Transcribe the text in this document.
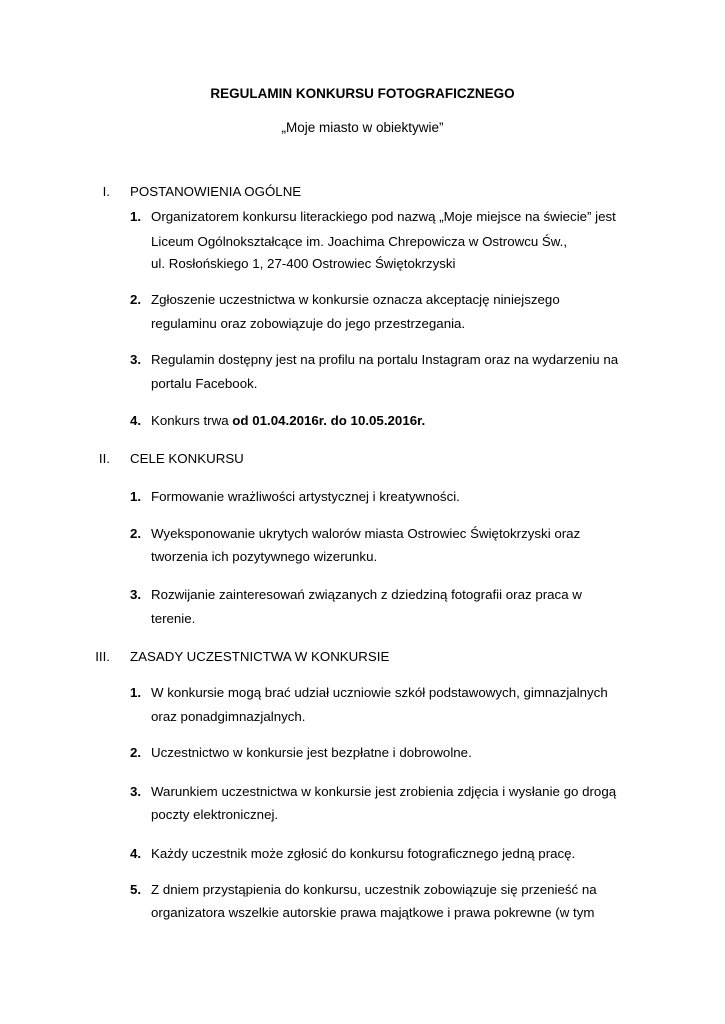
REGULAMIN KONKURSU FOTOGRAFICZNEGO
„Moje miasto w obiektywie”
I. POSTANOWIENIA OGÓLNE
1. Organizatorem konkursu literackiego pod nazwą „Moje miejsce na świecie” jest
Liceum Ogólnokształcące im. Joachima Chrepowicza w Ostrowcu Św.,
ul. Rosłońskiego 1, 27-400 Ostrowiec Świętokrzyski
2. Zgłoszenie uczestnictwa w konkursie oznacza akceptację niniejszego
regulaminu oraz zobowiązuje do jego przestrzegania.
3. Regulamin dostępny jest na profilu na portalu Instagram oraz na wydarzeniu na
portalu Facebook.
4. Konkurs trwa od 01.04.2016r. do 10.05.2016r.
II. CELE KONKURSU
1. Formowanie wrażliwości artystycznej i kreatywności.
2. Wyeksponowanie ukrytych walorów miasta Ostrowiec Świętokrzyski oraz
tworzenia ich pozytywnego wizerunku.
3. Rozwijanie zainteresowań związanych z dziedziną fotografii oraz praca w
terenie.
III. ZASADY UCZESTNICTWA W KONKURSIE
1. W konkursie mogą brać udział uczniowie szkół podstawowych, gimnazjalnych
oraz ponadgimnazjalnych.
2. Uczestnictwo w konkursie jest bezpłatne i dobrowolne.
3. Warunkiem uczestnictwa w konkursie jest zrobienia zdjęcia i wysłanie go drogą
poczty elektronicznej.
4. Każdy uczestnik może zgłosić do konkursu fotograficznego jedną pracę.
5. Z dniem przystąpienia do konkursu, uczestnik zobowiązuje się przenieść na
organizatora wszelkie autorskie prawa majątkowe i prawa pokrewne (w tym
